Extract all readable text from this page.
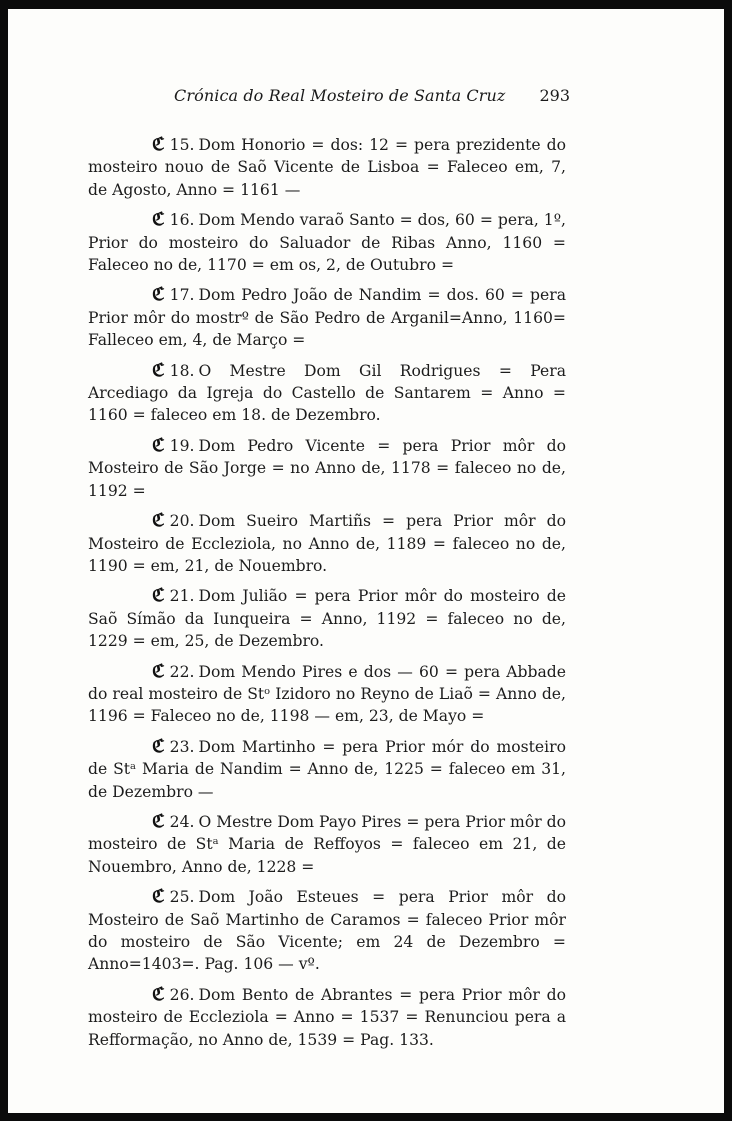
Crónica do Real Mosteiro de Santa Cruz 293

ℭ 15. Dom Honorio = dos: 12 = pera prezidente do mosteiro nouo de Saõ Vicente de Lisboa = Faleceo em, 7, de Agosto, Anno = 1161 —

ℭ 16. Dom Mendo varaõ Santo = dos, 60 = pera, 1º, Prior do mosteiro do Saluador de Ribas Anno, 1160 = Faleceo no de, 1170 = em os, 2, de Outubro =

ℭ 17. Dom Pedro João de Nandim = dos. 60 = pera Prior môr do mostrº de São Pedro de Arganil=Anno, 1160= Falleceo em, 4, de Março =

ℭ 18. O Mestre Dom Gil Rodrigues = Pera Arcediago da Igreja do Castello de Santarem = Anno = 1160 = faleceo em 18. de Dezembro.

ℭ 19. Dom Pedro Vicente = pera Prior môr do Mosteiro de São Jorge = no Anno de, 1178 = faleceo no de, 1192 =

ℭ 20. Dom Sueiro Martiñs = pera Prior môr do Mosteiro de Eccleziola, no Anno de, 1189 = faleceo no de, 1190 = em, 21, de Nouembro.

ℭ 21. Dom Julião = pera Prior môr do mosteiro de Saõ Símão da Iunqueira = Anno, 1192 = faleceo no de, 1229 = em, 25, de Dezembro.

ℭ 22. Dom Mendo Pires e dos — 60 = pera Abbade do real mosteiro de Stᵒ Izidoro no Reyno de Liaõ = Anno de, 1196 = Faleceo no de, 1198 — em, 23, de Mayo =

ℭ 23. Dom Martinho = pera Prior mór do mosteiro de Stᵃ Maria de Nandim = Anno de, 1225 = faleceo em 31, de Dezembro —

ℭ 24. O Mestre Dom Payo Pires = pera Prior môr do mosteiro de Stᵃ Maria de Reffoyos = faleceo em 21, de Nouembro, Anno de, 1228 =

ℭ 25. Dom João Esteues = pera Prior môr do Mosteiro de Saõ Martinho de Caramos = faleceo Prior môr do mosteiro de São Vicente; em 24 de Dezembro = Anno=1403=. Pag. 106 — vº.

ℭ 26. Dom Bento de Abrantes = pera Prior môr do mosteiro de Eccleziola = Anno = 1537 = Renunciou pera a Refformação, no Anno de, 1539 = Pag. 133.
